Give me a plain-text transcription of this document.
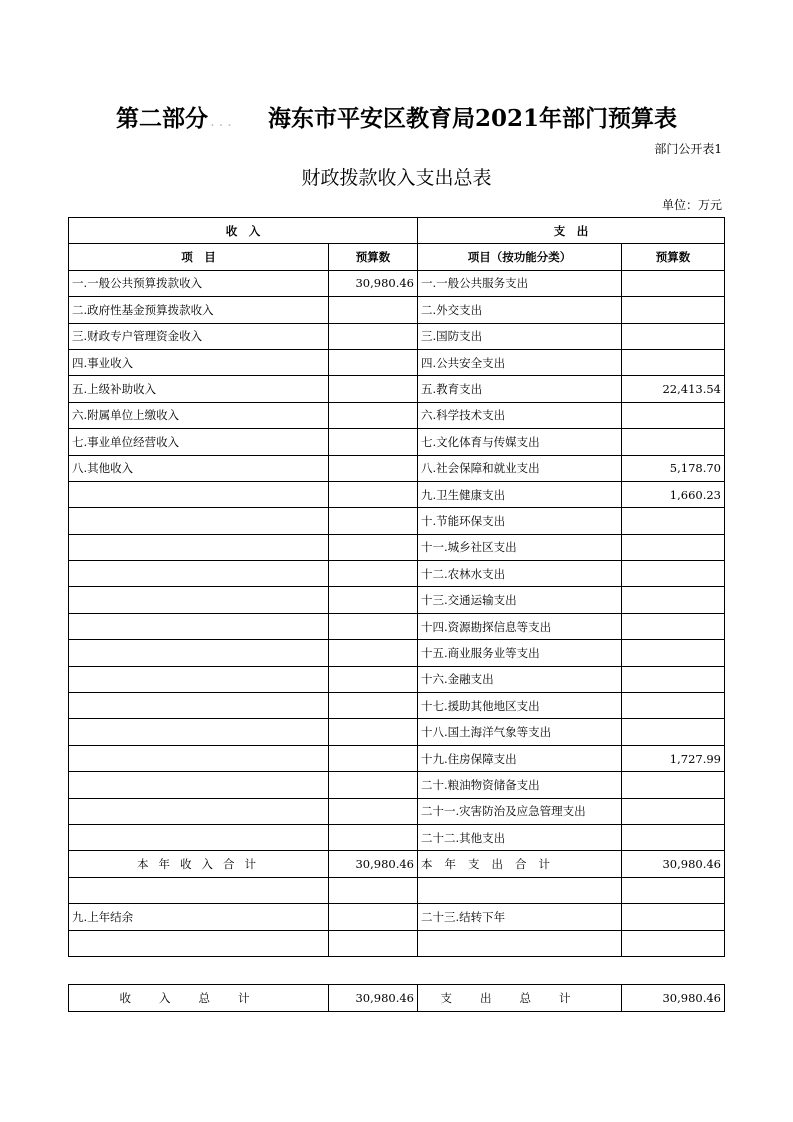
第二部分 ... 海东市平安区教育局2021年部门预算表
部门公开表1
财政拨款收入支出总表
单位：万元
收　入		支　出	
项　目	预算数	项目（按功能分类）	预算数
一.一般公共预算拨款收入	30,980.46	一.一般公共服务支出	
二.政府性基金预算拨款收入		二.外交支出	
三.财政专户管理资金收入		三.国防支出	
四.事业收入		四.公共安全支出	
五.上级补助收入		五.教育支出	22,413.54
六.附属单位上缴收入		六.科学技术支出	
七.事业单位经营收入		七.文化体育与传媒支出	
八.其他收入		八.社会保障和就业支出	5,178.70
		九.卫生健康支出	1,660.23
		十.节能环保支出	
		十一.城乡社区支出	
		十二.农林水支出	
		十三.交通运输支出	
		十四.资源勘探信息等支出	
		十五.商业服务业等支出	
		十六.金融支出	
		十七.援助其他地区支出	
		十八.国土海洋气象等支出	
		十九.住房保障支出	1,727.99
		二十.粮油物资储备支出	
		二十一.灾害防治及应急管理支出	
		二十二.其他支出	
本年收入合计	30,980.46	本年支出合计	30,980.46

九.上年结余		二十三.结转下年	

收入总计	30,980.46	支出总计	30,980.46
